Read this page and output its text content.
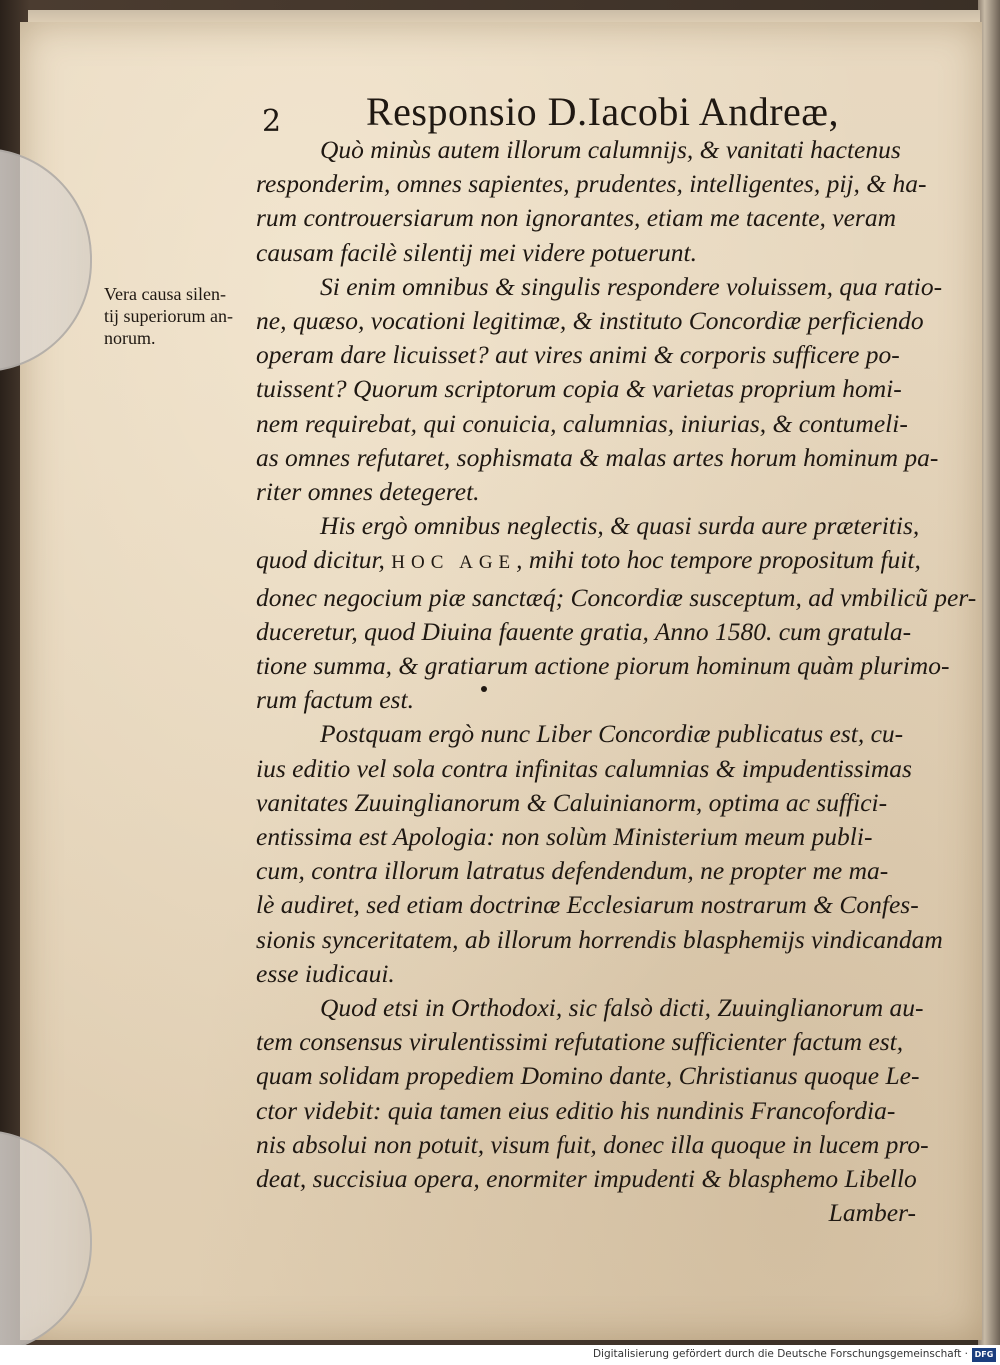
2 Responsio D.Iacobi Andreæ,
Vera causa silen-
tij superiorum an-
norum.
Quò minùs autem illorum calumnijs, & vanitati hactenus
responderim, omnes sapientes, prudentes, intelligentes, pij, & ha-
rum controuersiarum non ignorantes, etiam me tacente, veram
causam facilè silentij mei videre potuerunt.
Si enim omnibus & singulis respondere voluissem, qua ratio-
ne, quæso, vocationi legitimæ, & instituto Concordiæ perficiendo
operam dare licuisset? aut vires animi & corporis sufficere po-
tuissent? Quorum scriptorum copia & varietas proprium homi-
nem requirebat, qui conuicia, calumnias, iniurias, & contumeli-
as omnes refutaret, sophismata & malas artes horum hominum pa-
riter omnes detegeret.
His ergò omnibus neglectis, & quasi surda aure præteritis,
quod dicitur, HOC AGE, mihi toto hoc tempore propositum fuit,
donec negocium piæ sanctæq́; Concordiæ susceptum, ad vmbilicũ per-
duceretur, quod Diuina fauente gratia, Anno 1580. cum gratula-
tione summa, & gratiarum actione piorum hominum quàm plurimo-
rum factum est.
Postquam ergò nunc Liber Concordiæ publicatus est, cu-
ius editio vel sola contra infinitas calumnias & impudentissimas
vanitates Zuuinglianorum & Caluinianorm, optima ac suffici-
entissima est Apologia: non solùm Ministerium meum publi-
cum, contra illorum latratus defendendum, ne propter me ma-
lè audiret, sed etiam doctrinæ Ecclesiarum nostrarum & Confes-
sionis synceritatem, ab illorum horrendis blasphemijs vindicandam
esse iudicaui.
Quod etsi in Orthodoxi, sic falsò dicti, Zuuinglianorum au-
tem consensus virulentissimi refutatione sufficienter factum est,
quam solidam propediem Domino dante, Christianus quoque Le-
ctor videbit: quia tamen eius editio his nundinis Francofordia-
nis absolui non potuit, visum fuit, donec illa quoque in lucem pro-
deat, succisiua opera, enormiter impudenti & blasphemo Libello
Lamber-
Digitalisierung gefördert durch die Deutsche Forschungsgemeinschaft · DFG
